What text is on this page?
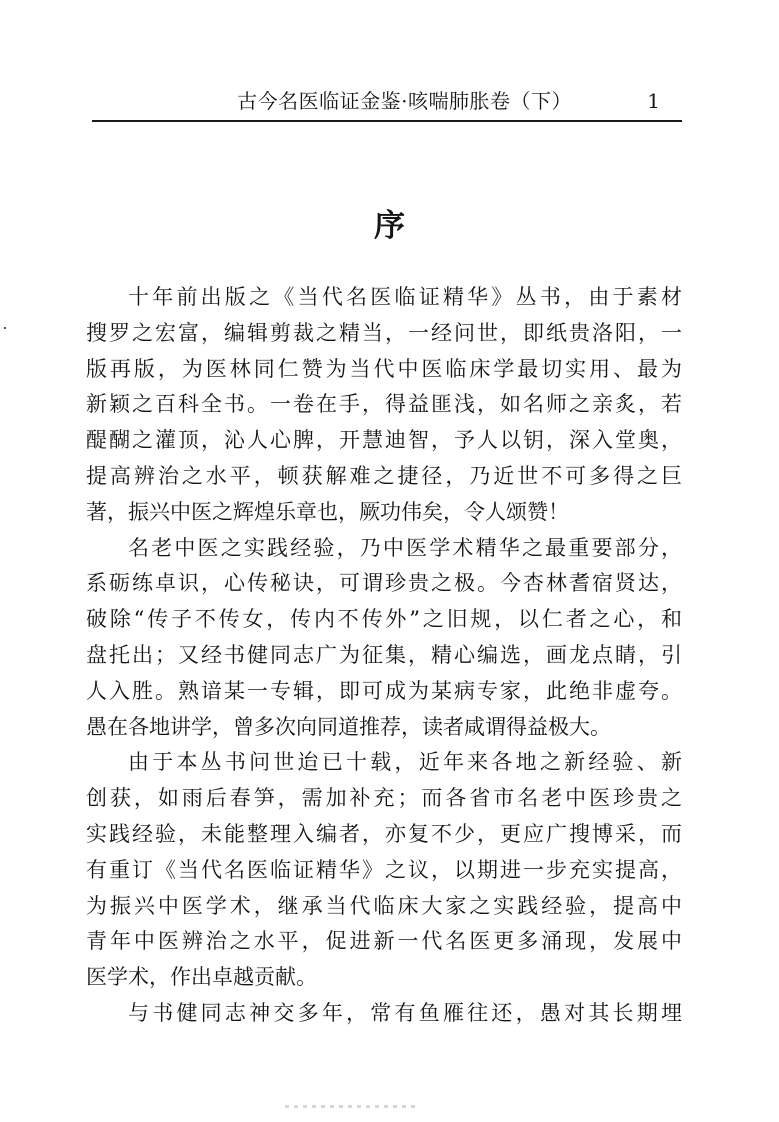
古今名医临证金鉴·咳喘肺胀卷（下）	1
序
十年前出版之《当代名医临证精华》丛书，由于素材
搜罗之宏富，编辑剪裁之精当，一经问世，即纸贵洛阳，一
版再版，为医林同仁赞为当代中医临床学最切实用、最为
新颖之百科全书。一卷在手，得益匪浅，如名师之亲炙，若
醍醐之灌顶，沁人心脾，开慧迪智，予人以钥，深入堂奥，
提高辨治之水平，顿获解难之捷径，乃近世不可多得之巨
著，振兴中医之辉煌乐章也，厥功伟矣，令人颂赞！
名老中医之实践经验，乃中医学术精华之最重要部分，
系砺练卓识，心传秘诀，可谓珍贵之极。今杏林耆宿贤达，
破除“传子不传女，传内不传外”之旧规，以仁者之心，和
盘托出；又经书健同志广为征集，精心编选，画龙点睛，引
人入胜。熟谙某一专辑，即可成为某病专家，此绝非虚夸。
愚在各地讲学，曾多次向同道推荐，读者咸谓得益极大。
由于本丛书问世迨已十载，近年来各地之新经验、新
创获，如雨后春笋，需加补充；而各省市名老中医珍贵之
实践经验，未能整理入编者，亦复不少，更应广搜博采，而
有重订《当代名医临证精华》之议，以期进一步充实提高，
为振兴中医学术，继承当代临床大家之实践经验，提高中
青年中医辨治之水平，促进新一代名医更多涌现，发展中
医学术，作出卓越贡献。
与书健同志神交多年，常有鱼雁往还，愚对其长期埋
